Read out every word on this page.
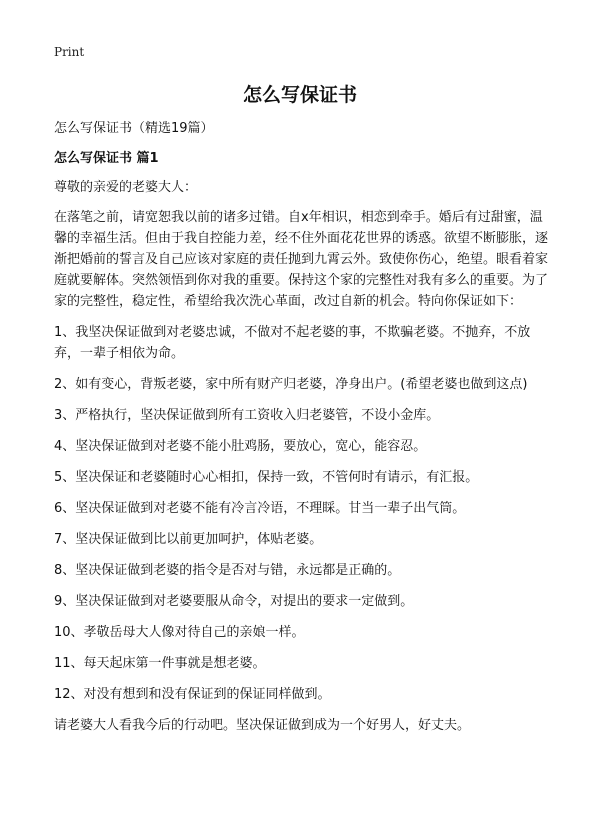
Print
怎么写保证书

怎么写保证书（精选19篇）

怎么写保证书 篇1

尊敬的亲爱的老婆大人：

在落笔之前，请宽恕我以前的诸多过错。自x年相识，相恋到牵手。婚后有过甜蜜，温馨的幸福生活。但由于我自控能力差，经不住外面花花世界的诱惑。欲望不断膨胀，逐渐把婚前的誓言及自己应该对家庭的责任抛到九霄云外。致使你伤心，绝望。眼看着家庭就要解体。突然领悟到你对我的重要。保持这个家的完整性对我有多么的重要。为了家的完整性，稳定性，希望给我次洗心革面，改过自新的机会。特向你保证如下：

1、我坚决保证做到对老婆忠诚，不做对不起老婆的事，不欺骗老婆。不抛弃，不放弃，一辈子相依为命。

2、如有变心，背叛老婆，家中所有财产归老婆，净身出户。(希望老婆也做到这点)

3、严格执行，坚决保证做到所有工资收入归老婆管，不设小金库。

4、坚决保证做到对老婆不能小肚鸡肠，要放心，宽心，能容忍。

5、坚决保证和老婆随时心心相扣，保持一致，不管何时有请示，有汇报。

6、坚决保证做到对老婆不能有冷言冷语，不理睬。甘当一辈子出气筒。

7、坚决保证做到比以前更加呵护，体贴老婆。

8、坚决保证做到老婆的指令是否对与错，永远都是正确的。

9、坚决保证做到对老婆要服从命令，对提出的要求一定做到。

10、孝敬岳母大人像对待自己的亲娘一样。

11、每天起床第一件事就是想老婆。

12、对没有想到和没有保证到的保证同样做到。

请老婆大人看我今后的行动吧。坚决保证做到成为一个好男人，好丈夫。
